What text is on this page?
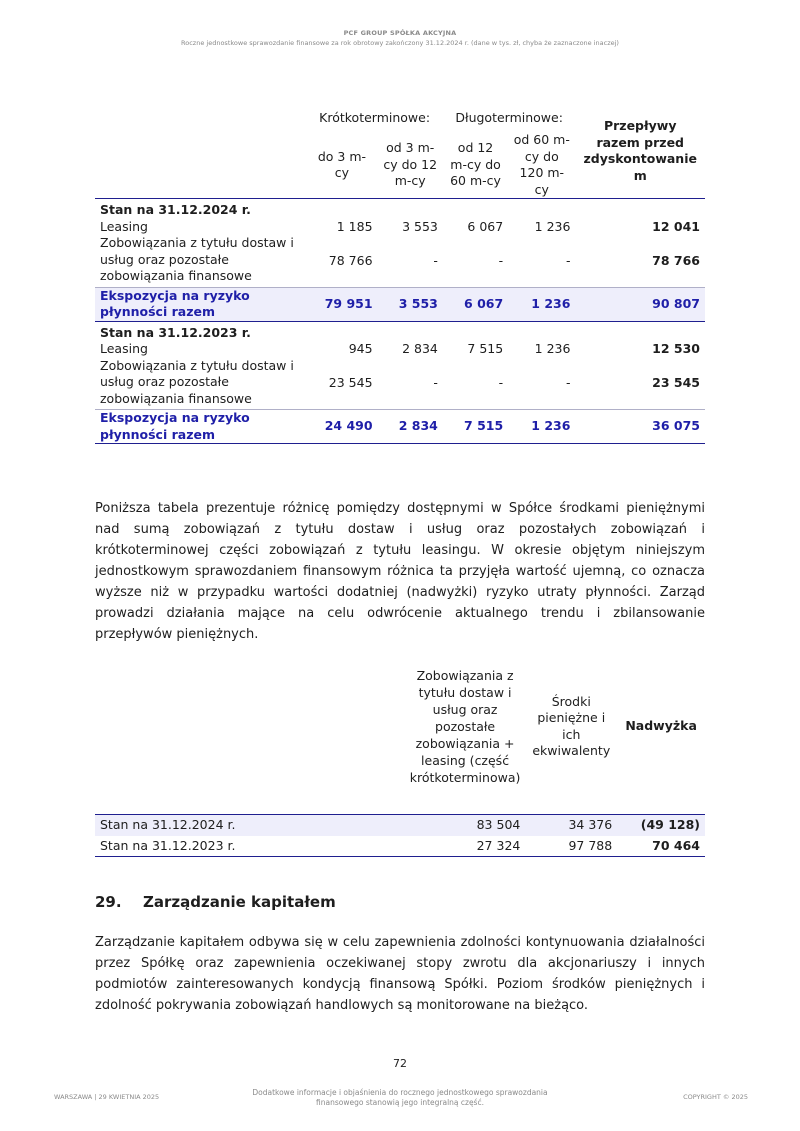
PCF GROUP SPÓŁKA AKCYJNA
Roczne jednostkowe sprawozdanie finansowe za rok obrotowy zakończony 31.12.2024 r. (dane w tys. zł, chyba że zaznaczone inaczej)
	Krótkoterminowe:		Długoterminowe:		Przepływy razem przed zdyskontowanie m
	do 3 m-cy	od 3 m-cy do 12 m-cy	od 12 m-cy do 60 m-cy	od 60 m-cy do 120 m-cy	
Stan na 31.12.2024 r.					
Leasing	1 185	3 553	6 067	1 236	12 041
Zobowiązania z tytułu dostaw i usług oraz pozostałe zobowiązania finansowe	78 766	-	-	-	78 766
Ekspozycja na ryzyko płynności razem	79 951	3 553	6 067	1 236	90 807
Stan na 31.12.2023 r.					
Leasing	945	2 834	7 515	1 236	12 530
Zobowiązania z tytułu dostaw i usług oraz pozostałe zobowiązania finansowe	23 545	-	-	-	23 545
Ekspozycja na ryzyko płynności razem	24 490	2 834	7 515	1 236	36 075
Poniższa tabela prezentuje różnicę pomiędzy dostępnymi w Spółce środkami pieniężnymi nad sumą zobowiązań z tytułu dostaw i usług oraz pozostałych zobowiązań i krótkoterminowej części zobowiązań z tytułu leasingu. W okresie objętym niniejszym jednostkowym sprawozdaniem finansowym różnica ta przyjęła wartość ujemną, co oznacza wyższe niż w przypadku wartości dodatniej (nadwyżki) ryzyko utraty płynności. Zarząd prowadzi działania mające na celu odwrócenie aktualnego trendu i zbilansowanie przepływów pieniężnych.
	Zobowiązania z tytułu dostaw i usług oraz pozostałe zobowiązania + leasing (część krótkoterminowa)	Środki pieniężne i ich ekwiwalenty	Nadwyżka
Stan na 31.12.2024 r.	83 504	34 376	(49 128)
Stan na 31.12.2023 r.	27 324	97 788	70 464
29. Zarządzanie kapitałem
Zarządzanie kapitałem odbywa się w celu zapewnienia zdolności kontynuowania działalności przez Spółkę oraz zapewnienia oczekiwanej stopy zwrotu dla akcjonariuszy i innych podmiotów zainteresowanych kondycją finansową Spółki. Poziom środków pieniężnych i zdolność pokrywania zobowiązań handlowych są monitorowane na bieżąco.
72
WARSZAWA | 29 KWIETNIA 2025	Dodatkowe informacje i objaśnienia do rocznego jednostkowego sprawozdania finansowego stanowią jego integralną część.
COPYRIGHT © 2025
